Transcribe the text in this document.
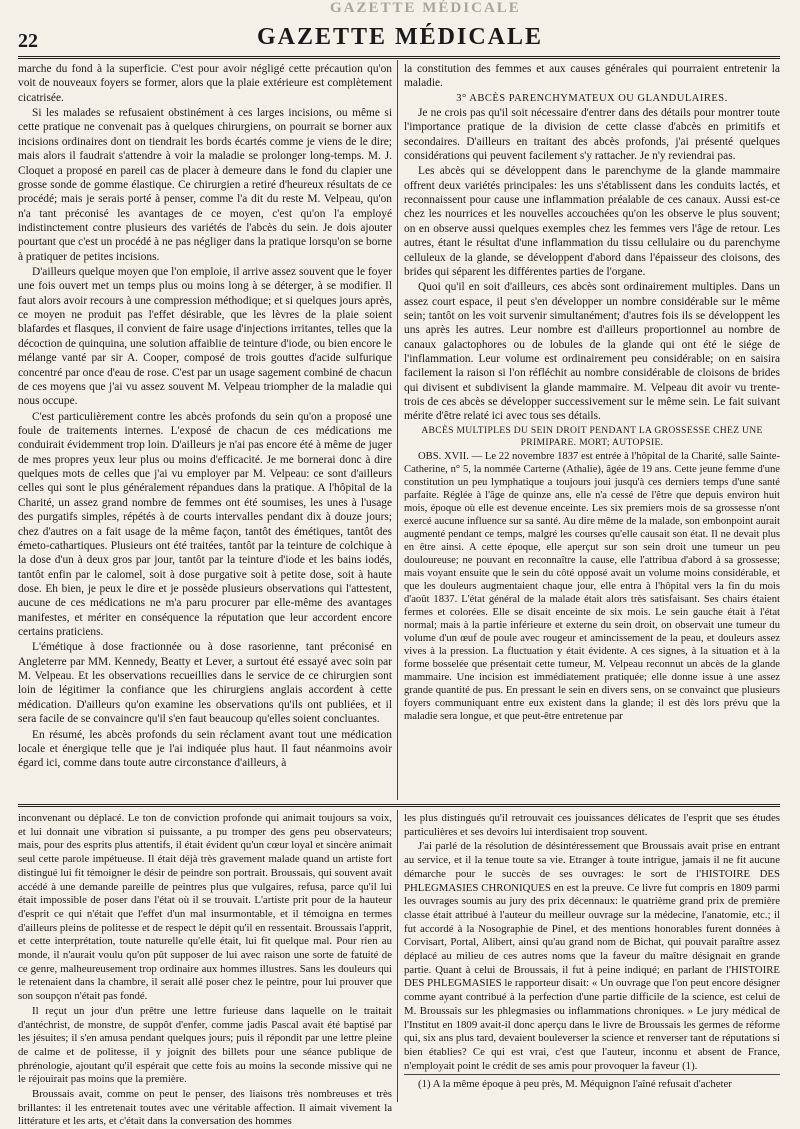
GAZETTE MÉDICALE
22	GAZETTE MÉDICALE

marche du fond à la superficie. C'est pour avoir négligé cette précaution qu'on voit de nouveaux foyers se former, alors que la plaie extérieure est complètement cicatrisée.

Si les malades se refusaient obstinément à ces larges incisions, ou même si cette pratique ne convenait pas à quelques chirurgiens, on pourrait se borner aux incisions ordinaires dont on tiendrait les bords écartés comme je viens de le dire; mais alors il faudrait s'attendre à voir la maladie se prolonger long-temps. M. J. Cloquet a proposé en pareil cas de placer à demeure dans le fond du clapier une grosse sonde de gomme élastique. Ce chirurgien a retiré d'heureux résultats de ce procédé; mais je serais porté à penser, comme l'a dit du reste M. Velpeau, qu'on n'a tant préconisé les avantages de ce moyen, c'est qu'on l'a employé indistinctement contre plusieurs des variétés de l'abcès du sein. Je dois ajouter pourtant que c'est un procédé à ne pas négliger dans la pratique lorsqu'on se borne à pratiquer de petites incisions.

D'ailleurs quelque moyen que l'on emploie, il arrive assez souvent que le foyer une fois ouvert met un temps plus ou moins long à se déterger, à se modifier. Il faut alors avoir recours à une compression méthodique; et si quelques jours après, ce moyen ne produit pas l'effet désirable, que les lèvres de la plaie soient blafardes et flasques, il convient de faire usage d'injections irritantes, telles que la décoction de quinquina, une solution affaiblie de teinture d'iode, ou bien encore le mélange vanté par sir A. Cooper, composé de trois gouttes d'acide sulfurique concentré par once d'eau de rose. C'est par un usage sagement combiné de chacun de ces moyens que j'ai vu assez souvent M. Velpeau triompher de la maladie qui nous occupe.

C'est particulièrement contre les abcès profonds du sein qu'on a proposé une foule de traitements internes. L'exposé de chacun de ces médications me conduirait évidemment trop loin. D'ailleurs je n'ai pas encore été à même de juger de mes propres yeux leur plus ou moins d'efficacité. Je me bornerai donc à dire quelques mots de celles que j'ai vu employer par M. Velpeau: ce sont d'ailleurs celles qui sont le plus généralement répandues dans la pratique. A l'hôpital de la Charité, un assez grand nombre de femmes ont été soumises, les unes à l'usage des purgatifs simples, répétés à de courts intervalles pendant dix à douze jours; chez d'autres on a fait usage de la même façon, tantôt des émétiques, tantôt des émeto-cathartiques. Plusieurs ont été traitées, tantôt par la teinture de colchique à la dose d'un à deux gros par jour, tantôt par la teinture d'iode et les bains iodés, tantôt enfin par le calomel, soit à dose purgative soit à petite dose, soit à haute dose. Eh bien, je peux le dire et je possède plusieurs observations qui l'attestent, aucune de ces médications ne m'a paru procurer par elle-même des avantages manifestes, et mériter en conséquence la réputation que leur accordent encore certains praticiens.

L'émétique à dose fractionnée ou à dose rasorienne, tant préconisé en Angleterre par MM. Kennedy, Beatty et Lever, a surtout été essayé avec soin par M. Velpeau. Et les observations recueillies dans le service de ce chirurgien sont loin de légitimer la confiance que les chirurgiens anglais accordent à cette médication. D'ailleurs qu'on examine les observations qu'ils ont publiées, et il sera facile de se convaincre qu'il s'en faut beaucoup qu'elles soient concluantes.

En résumé, les abcès profonds du sein réclament avant tout une médication locale et énergique telle que je l'ai indiquée plus haut. Il faut néanmoins avoir égard ici, comme dans toute autre circonstance d'ailleurs, à

la constitution des femmes et aux causes générales qui pourraient entretenir la maladie.

3° ABCÈS PARENCHYMATEUX OU GLANDULAIRES.

Je ne crois pas qu'il soit nécessaire d'entrer dans des détails pour montrer toute l'importance pratique de la division de cette classe d'abcès en primitifs et secondaires. D'ailleurs en traitant des abcès profonds, j'ai présenté quelques considérations qui peuvent facilement s'y rattacher. Je n'y reviendrai pas.

Les abcès qui se développent dans le parenchyme de la glande mammaire offrent deux variétés principales: les uns s'établissent dans les conduits lactés, et reconnaissent pour cause une inflammation préalable de ces canaux. Aussi est-ce chez les nourrices et les nouvelles accouchées qu'on les observe le plus souvent; on en observe aussi quelques exemples chez les femmes vers l'âge de retour. Les autres, étant le résultat d'une inflammation du tissu cellulaire ou du parenchyme celluleux de la glande, se développent d'abord dans l'épaisseur des cloisons, des brides qui séparent les différentes parties de l'organe.

Quoi qu'il en soit d'ailleurs, ces abcès sont ordinairement multiples. Dans un assez court espace, il peut s'en développer un nombre considérable sur le même sein; tantôt on les voit survenir simultanément; d'autres fois ils se développent les uns après les autres. Leur nombre est d'ailleurs proportionnel au nombre de canaux galactophores ou de lobules de la glande qui ont été le siége de l'inflammation. Leur volume est ordinairement peu considérable; on en saisira facilement la raison si l'on réfléchit au nombre considérable de cloisons de brides qui divisent et subdivisent la glande mammaire. M. Velpeau dit avoir vu trente-trois de ces abcès se développer successivement sur le même sein. Le fait suivant mérite d'être relaté ici avec tous ses détails.

ABCÈS MULTIPLES DU SEIN DROIT PENDANT LA GROSSESSE CHEZ UNE PRIMIPARE. MORT; AUTOPSIE.

OBS. XVII. — Le 22 novembre 1837 est entrée à l'hôpital de la Charité, salle Sainte-Catherine, n° 5, la nommée Carterne (Athalie), âgée de 19 ans. Cette jeune femme d'une constitution un peu lymphatique a toujours joui jusqu'à ces derniers temps d'une santé parfaite. Réglée à l'âge de quinze ans, elle n'a cessé de l'être que depuis environ huit mois, époque où elle est devenue enceinte. Les six premiers mois de sa grossesse n'ont exercé aucune influence sur sa santé. Au dire même de la malade, son embonpoint aurait augmenté pendant ce temps, malgré les courses qu'elle causait son état. Il ne devait plus en être ainsi. A cette époque, elle aperçut sur son sein droit une tumeur un peu douloureuse; ne pouvant en reconnaître la cause, elle l'attribua d'abord à sa grossesse; mais voyant ensuite que le sein du côté opposé avait un volume moins considérable, et que les douleurs augmentaient chaque jour, elle entra à l'hôpital vers la fin du mois d'août 1837. L'état général de la malade était alors très satisfaisant. Ses chairs étaient fermes et colorées. Elle se disait enceinte de six mois. Le sein gauche était à l'état normal; mais à la partie inférieure et externe du sein droit, on observait une tumeur du volume d'un œuf de poule avec rougeur et amincissement de la peau, et douleurs assez vives à la pression. La fluctuation y était évidente. A ces signes, à la situation et à la forme bosselée que présentait cette tumeur, M. Velpeau reconnut un abcès de la glande mammaire. Une incision est immédiatement pratiquée; elle donne issue à une assez grande quantité de pus. En pressant le sein en divers sens, on se convainct que plusieurs foyers communiquant entre eux existent dans la glande; il est dès lors prévu que la maladie sera longue, et que peut-être entretenue par

inconvenant ou déplacé. Le ton de conviction profonde qui animait toujours sa voix, et lui donnait une vibration si puissante, a pu tromper des gens peu observateurs; mais, pour des esprits plus attentifs, il était évident qu'un cœur loyal et sincère animait seul cette parole impétueuse. Il était déjà très gravement malade quand un artiste fort distingué lui fit témoigner le désir de peindre son portrait. Broussais, qui souvent avait accédé à une demande pareille de peintres plus que vulgaires, refusa, parce qu'il lui était impossible de poser dans l'état où il se trouvait. L'artiste prit pour de la hauteur d'esprit ce qui n'était que l'effet d'un mal insurmontable, et il témoigna en termes d'ailleurs pleins de politesse et de respect le dépit qu'il en ressentait. Broussais l'apprit, et cette interprétation, toute naturelle qu'elle était, lui fit quelque mal. Pour rien au monde, il n'aurait voulu qu'on pût supposer de lui avec raison une sorte de fatuité de ce genre, malheureusement trop ordinaire aux hommes illustres. Sans les douleurs qui le retenaient dans la chambre, il serait allé poser chez le peintre, pour lui prouver que son soupçon n'était pas fondé.

Il reçut un jour d'un prêtre une lettre furieuse dans laquelle on le traitait d'antéchrist, de monstre, de suppôt d'enfer, comme jadis Pascal avait été baptisé par les jésuites; il s'en amusa pendant quelques jours; puis il répondit par une lettre pleine de calme et de politesse, il y joignit des billets pour une séance publique de phrénologie, ajoutant qu'il espérait que cette fois au moins la seconde missive qui ne le réjouirait pas moins que la première.

Broussais avait, comme on peut le penser, des liaisons très nombreuses et très brillantes: il les entretenait toutes avec une véritable affection. Il aimait vivement la littérature et les arts, et c'était dans la conversation des hommes

les plus distingués qu'il retrouvait ces jouissances délicates de l'esprit que ses études particulières et ses devoirs lui interdisaient trop souvent.

J'ai parlé de la résolution de désintéressement que Broussais avait prise en entrant au service, et il la tenue toute sa vie. Etranger à toute intrigue, jamais il ne fit aucune démarche pour le succès de ses ouvrages: le sort de l'HISTOIRE DES PHLEGMASIES CHRONIQUES en est la preuve. Ce livre fut compris en 1809 parmi les ouvrages soumis au jury des prix décennaux: le quatrième grand prix de première classe était attribué à l'auteur du meilleur ouvrage sur la médecine, l'anatomie, etc.; il fut accordé à la Nosographie de Pinel, et des mentions honorables furent données à Corvisart, Portal, Alibert, ainsi qu'au grand nom de Bichat, qui pouvait paraître assez déplacé au milieu de ces autres noms que la faveur du maître désignait en grande partie. Quant à celui de Broussais, il fut à peine indiqué; en parlant de l'HISTOIRE DES PHLEGMASIES le rapporteur disait: « Un ouvrage que l'on peut encore désigner comme ayant contribué à la perfection d'une partie difficile de la science, est celui de M. Broussais sur les phlegmasies ou inflammations chroniques. » Le jury médical de l'Institut en 1809 avait-il donc aperçu dans le livre de Broussais les germes de réforme qui, six ans plus tard, devaient bouleverser la science et renverser tant de réputations si bien établies? Ce qui est vrai, c'est que l'auteur, inconnu et absent de France, n'employait point le crédit de ses amis pour provoquer la faveur (1).

(1) A la même époque à peu près, M. Méquignon l'aîné refusait d'acheter
